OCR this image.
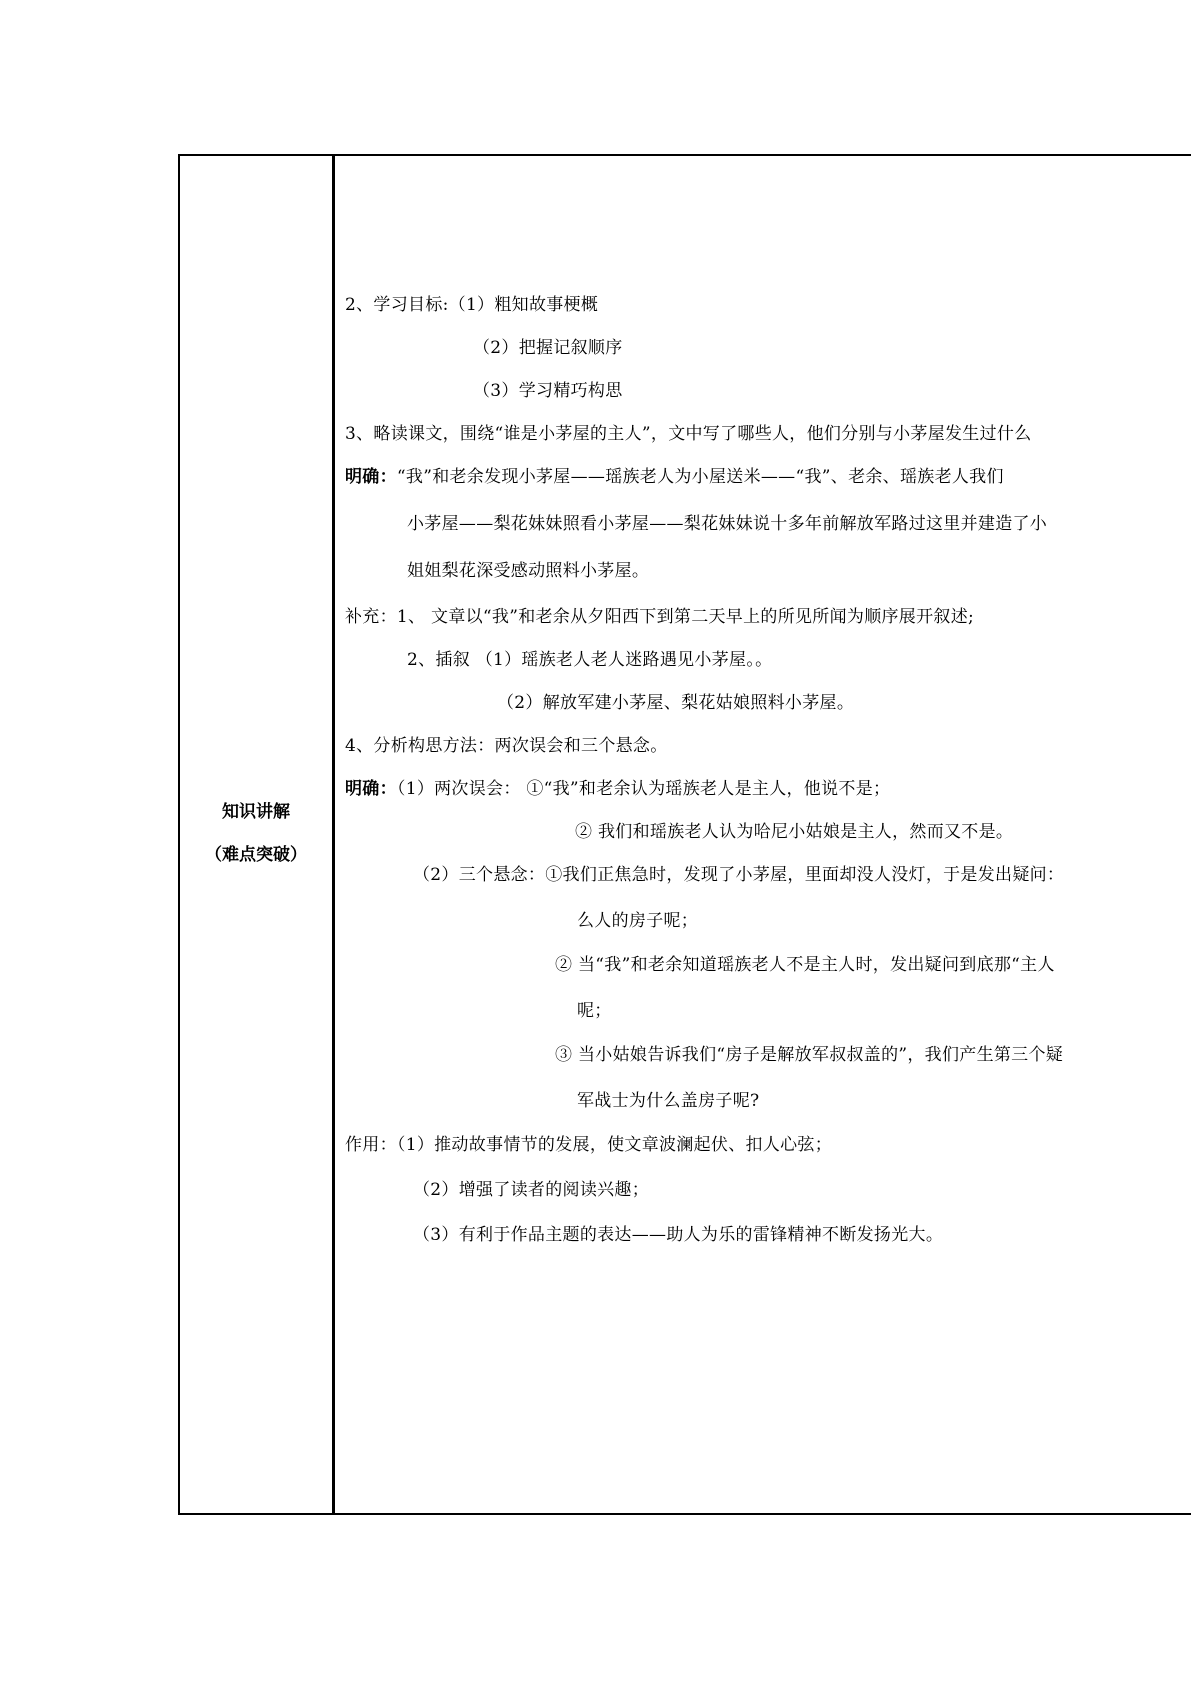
知识讲解
（难点突破）
2、学习目标:（1）粗知故事梗概
（2）把握记叙顺序
（3）学习精巧构思
3、略读课文，围绕“谁是小茅屋的主人”，文中写了哪些人，他们分别与小茅屋发生过什么
明确：“我”和老余发现小茅屋——瑶族老人为小屋送米——“我”、老余、瑶族老人我们
小茅屋——梨花妹妹照看小茅屋——梨花妹妹说十多年前解放军路过这里并建造了小
姐姐梨花深受感动照料小茅屋。
补充：1、 文章以“我”和老余从夕阳西下到第二天早上的所见所闻为顺序展开叙述;
2、插叙 （1）瑶族老人老人迷路遇见小茅屋。。
（2）解放军建小茅屋、梨花姑娘照料小茅屋。
4、分析构思方法：两次误会和三个悬念。
明确：（1）两次误会： ①“我”和老余认为瑶族老人是主人，他说不是；
② 我们和瑶族老人认为哈尼小姑娘是主人，然而又不是。
（2）三个悬念：①我们正焦急时，发现了小茅屋，里面却没人没灯，于是发出疑问：
么人的房子呢；
② 当“我”和老余知道瑶族老人不是主人时，发出疑问到底那“主人
呢；
③ 当小姑娘告诉我们“房子是解放军叔叔盖的”，我们产生第三个疑
军战士为什么盖房子呢?
作用：（1）推动故事情节的发展，使文章波澜起伏、扣人心弦；
（2）增强了读者的阅读兴趣；
（3）有利于作品主题的表达——助人为乐的雷锋精神不断发扬光大。
